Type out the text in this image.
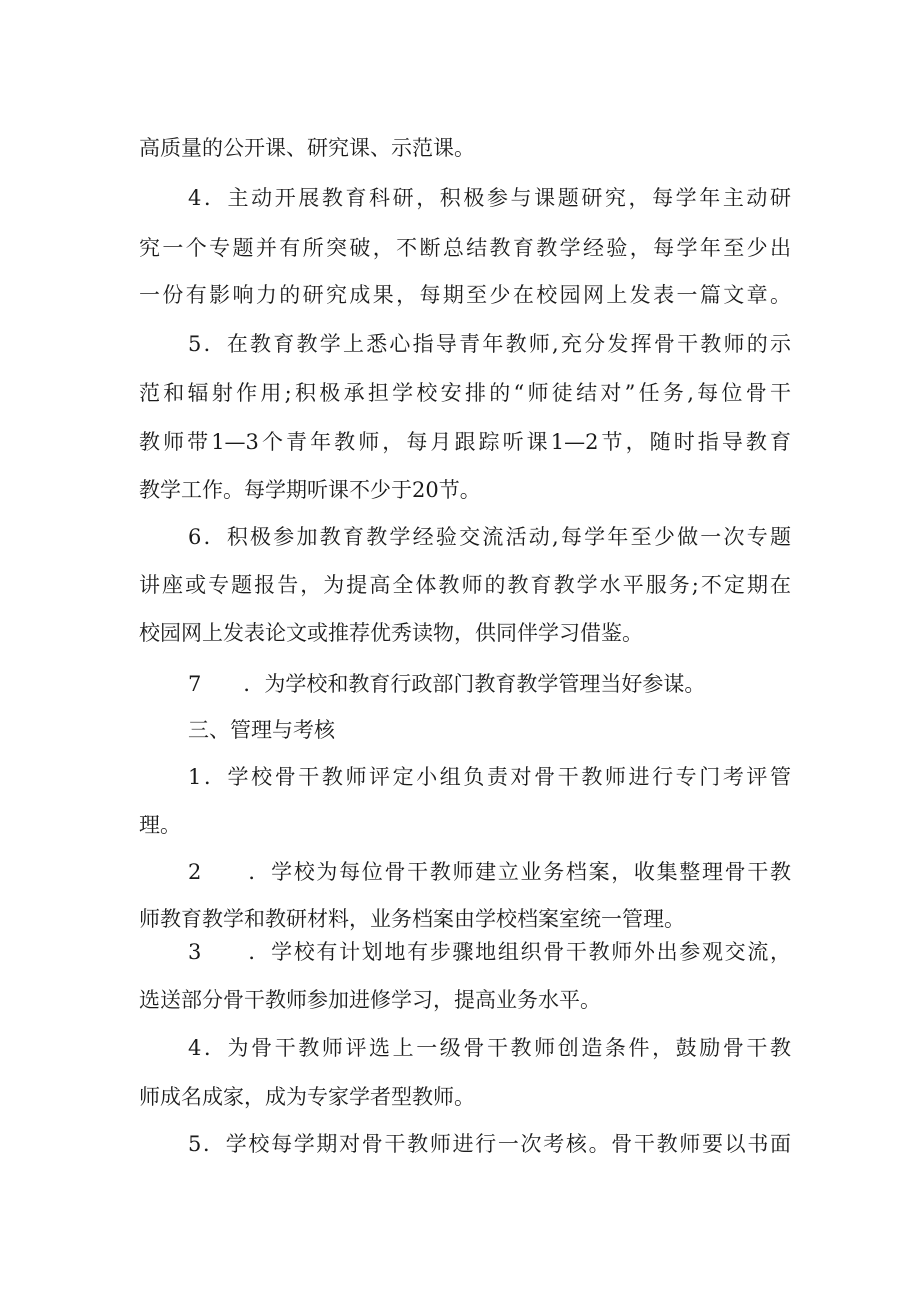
高质量的公开课、研究课、示范课。
4．主动开展教育科研，积极参与课题研究，每学年主动研
究一个专题并有所突破，不断总结教育教学经验，每学年至少出
一份有影响力的研究成果，每期至少在校园网上发表一篇文章。
5．在教育教学上悉心指导青年教师,充分发挥骨干教师的示
范和辐射作用;积极承担学校安排的“师徒结对”任务,每位骨干
教师带1—3个青年教师，每月跟踪听课1—2节，随时指导教育
教学工作。每学期听课不少于20节。
6．积极参加教育教学经验交流活动,每学年至少做一次专题
讲座或专题报告，为提高全体教师的教育教学水平服务;不定期在
校园网上发表论文或推荐优秀读物，供同伴学习借鉴。
7　　．为学校和教育行政部门教育教学管理当好参谋。
三、管理与考核
1．学校骨干教师评定小组负责对骨干教师进行专门考评管
理。
2　　．学校为每位骨干教师建立业务档案，收集整理骨干教
师教育教学和教研材料，业务档案由学校档案室统一管理。
3　　．学校有计划地有步骤地组织骨干教师外出参观交流，
选送部分骨干教师参加进修学习，提高业务水平。
4．为骨干教师评选上一级骨干教师创造条件，鼓励骨干教
师成名成家，成为专家学者型教师。
5．学校每学期对骨干教师进行一次考核。骨干教师要以书面
